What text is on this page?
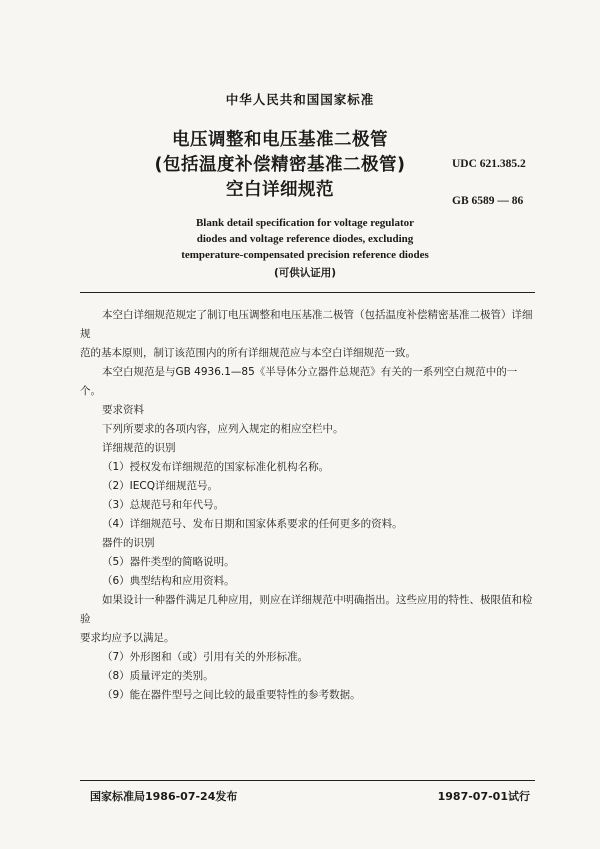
中华人民共和国国家标准
电压调整和电压基准二极管
(包括温度补偿精密基准二极管)
空白详细规范
UDC 621.385.2
GB 6589 — 86
Blank detail specification for voltage regulator
diodes and voltage reference diodes, excluding
temperature-compensated precision reference diodes
(可供认证用)

本空白详细规范规定了制订电压调整和电压基准二极管（包括温度补偿精密基准二极管）详细规

范的基本原则，制订该范围内的所有详细规范应与本空白详细规范一致。

本空白规范是与GB 4936.1—85《半导体分立器件总规范》有关的一系列空白规范中的一个。

要求资料

下列所要求的各项内容，应列入规定的相应空栏中。

详细规范的识别

（1）授权发布详细规范的国家标准化机构名称。

（2）IECQ详细规范号。

（3）总规范号和年代号。

（4）详细规范号、发布日期和国家体系要求的任何更多的资料。

器件的识别

（5）器件类型的简略说明。

（6）典型结构和应用资料。

如果设计一种器件满足几种应用，则应在详细规范中明确指出。这些应用的特性、极限值和检验

要求均应予以满足。

（7）外形图和（或）引用有关的外形标准。

（8）质量评定的类别。

（9）能在器件型号之间比较的最重要特性的参考数据。

国家标准局1986-07-24发布	1987-07-01试行
